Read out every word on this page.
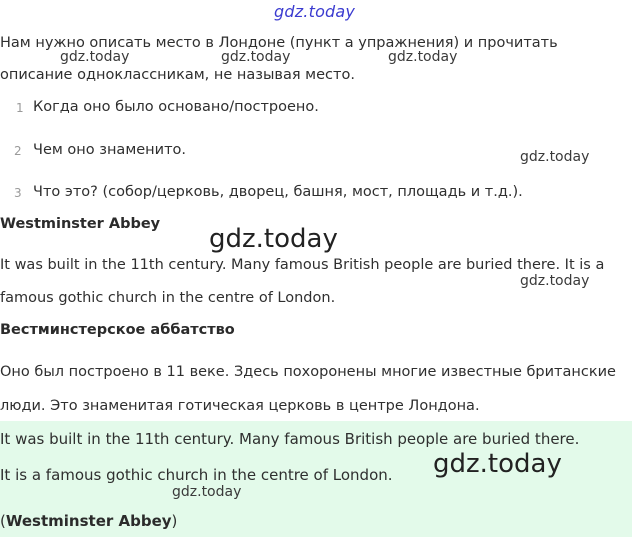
gdz.today
Нам нужно описать место в Лондоне (пункт а упражнения) и прочитать
gdz.today	gdz.today	gdz.today
описание одноклассникам, не называя место.
1 Когда оно было основано/построено.
2 Чем оно знаменито.
3 Что это? (собор/церковь, дворец, башня, мост, площадь и т.д.).
gdz.today
Westminster Abbey gdz.today
It was built in the 11th century. Many famous British people are buried there. It is a
gdz.today
famous gothic church in the centre of London.
Вестминстерское аббатство
Оно был построено в 11 веке. Здесь похоронены многие известные британские
люди. Это знаменитая готическая церковь в центре Лондона.
It was built in the 11th century. Many famous British people are buried there.
It is a famous gothic church in the centre of London. gdz.today
gdz.today
(Westminster Abbey)
